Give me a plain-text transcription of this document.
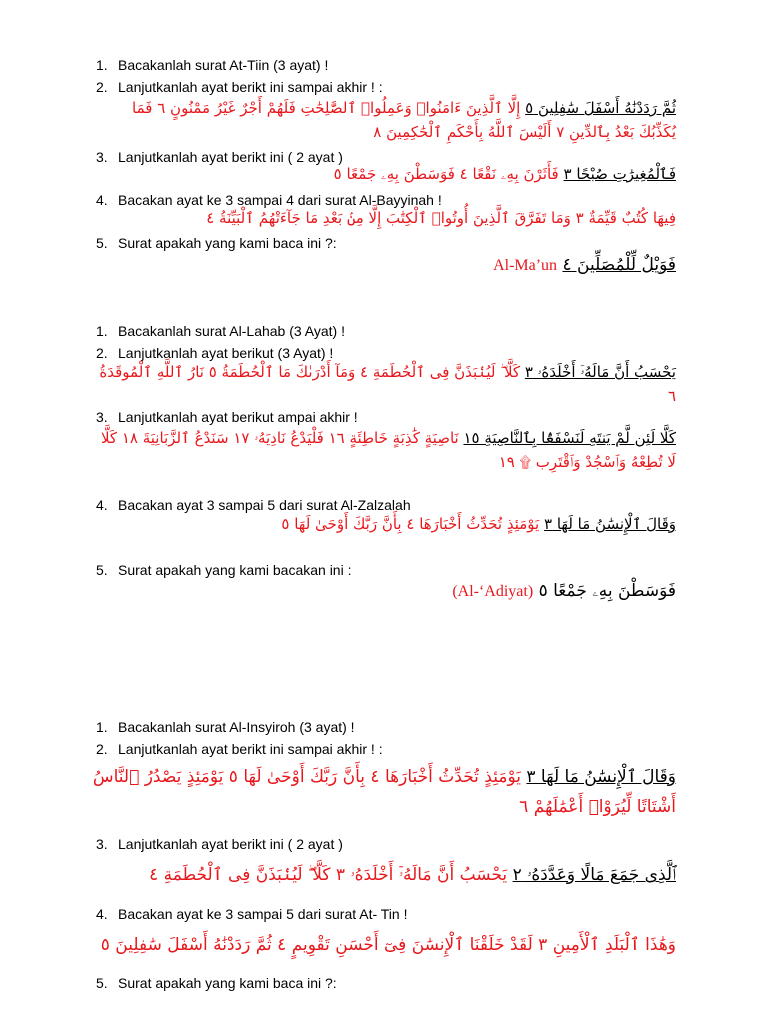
1. Bacakanlah surat At-Tiin (3 ayat) !
2. Lanjutkanlah ayat berikt ini sampai akhir ! :
ثُمَّ رَدَدْنَٰهُ أَسْفَلَ سَٰفِلِينَ ٥ إِلَّا ٱلَّذِينَ ءَامَنُوا۟ وَعَمِلُوا۟ ٱلصَّٰلِحَٰتِ فَلَهُمْ أَجْرٌ غَيْرُ مَمْنُونٍ ٦ فَمَا يُكَذِّبُكَ بَعْدُ بِٱلدِّينِ ٧ أَلَيْسَ ٱللَّهُ بِأَحْكَمِ ٱلْحَٰكِمِينَ ٨
3. Lanjutkanlah ayat berikt ini ( 2 ayat )
فَٱلْمُغِيرَٰتِ صُبْحًا ٣ فَأَثَرْنَ بِهِۦ نَقْعًا ٤ فَوَسَطْنَ بِهِۦ جَمْعًا ٥
4. Bacakan ayat ke 3 sampai 4 dari surat Al-Bayyinah !
فِيهَا كُتُبٌ قَيِّمَةٌ ٣ وَمَا تَفَرَّقَ ٱلَّذِينَ أُوتُوا۟ ٱلْكِتَٰبَ إِلَّا مِنۢ بَعْدِ مَا جَآءَتْهُمُ ٱلْبَيِّنَةُ ٤
5. Surat apakah yang kami baca ini ?:
فَوَيْلٌ لِّلْمُصَلِّينَ ٤ Al-Ma’un
1. Bacakanlah surat Al-Lahab (3 Ayat) !
2. Lanjutkanlah ayat berikut (3 Ayat) !
يَحْسَبُ أَنَّ مَالَهُۥٓ أَخْلَدَهُۥ ٣ كَلَّا ۖ لَيُنۢبَذَنَّ فِى ٱلْحُطَمَةِ ٤ وَمَآ أَدْرَىٰكَ مَا ٱلْحُطَمَةُ ٥ نَارُ ٱللَّهِ ٱلْمُوقَدَةُ ٦
3. Lanjutkanlah ayat berikut ampai akhir !
كَلَّا لَئِن لَّمْ يَنتَهِ لَنَسْفَعًۢا بِٱلنَّاصِيَةِ ١٥ نَاصِيَةٍ كَٰذِبَةٍ خَاطِئَةٍ ١٦ فَلْيَدْعُ نَادِيَهُۥ ١٧ سَنَدْعُ ٱلزَّبَانِيَةَ ١٨ كَلَّا لَا تُطِعْهُ وَٱسْجُدْ وَٱقْتَرِب ۩ ١٩
4. Bacakan ayat 3 sampai 5 dari surat Al-Zalzalah
وَقَالَ ٱلْإِنسَٰنُ مَا لَهَا ٣ يَوْمَئِذٍ تُحَدِّثُ أَخْبَارَهَا ٤ بِأَنَّ رَبَّكَ أَوْحَىٰ لَهَا ٥
5. Surat apakah yang kami bacakan ini :
فَوَسَطْنَ بِهِۦ جَمْعًا ٥ (Al-‘Adiyat)
1. Bacakanlah surat Al-Insyiroh (3 ayat) !
2. Lanjutkanlah ayat berikt ini sampai akhir ! :
وَقَالَ ٱلْإِنسَٰنُ مَا لَهَا ٣ يَوْمَئِذٍ تُحَدِّثُ أَخْبَارَهَا ٤ بِأَنَّ رَبَّكَ أَوْحَىٰ لَهَا ٥ يَوْمَئِذٍ يَصْدُرُ ٱلنَّاسُ أَشْتَاتًا لِّيُرَوْا۟ أَعْمَٰلَهُمْ ٦
3. Lanjutkanlah ayat berikt ini ( 2 ayat )
ٱلَّذِى جَمَعَ مَالًا وَعَدَّدَهُۥ ٢ يَحْسَبُ أَنَّ مَالَهُۥٓ أَخْلَدَهُۥ ٣ كَلَّا ۖ لَيُنۢبَذَنَّ فِى ٱلْحُطَمَةِ ٤
4. Bacakan ayat ke 3 sampai 5 dari surat At- Tin !
وَهَٰذَا ٱلْبَلَدِ ٱلْأَمِينِ ٣ لَقَدْ خَلَقْنَا ٱلْإِنسَٰنَ فِىٓ أَحْسَنِ تَقْوِيمٍ ٤ ثُمَّ رَدَدْنَٰهُ أَسْفَلَ سَٰفِلِينَ ٥
5. Surat apakah yang kami baca ini ?:
